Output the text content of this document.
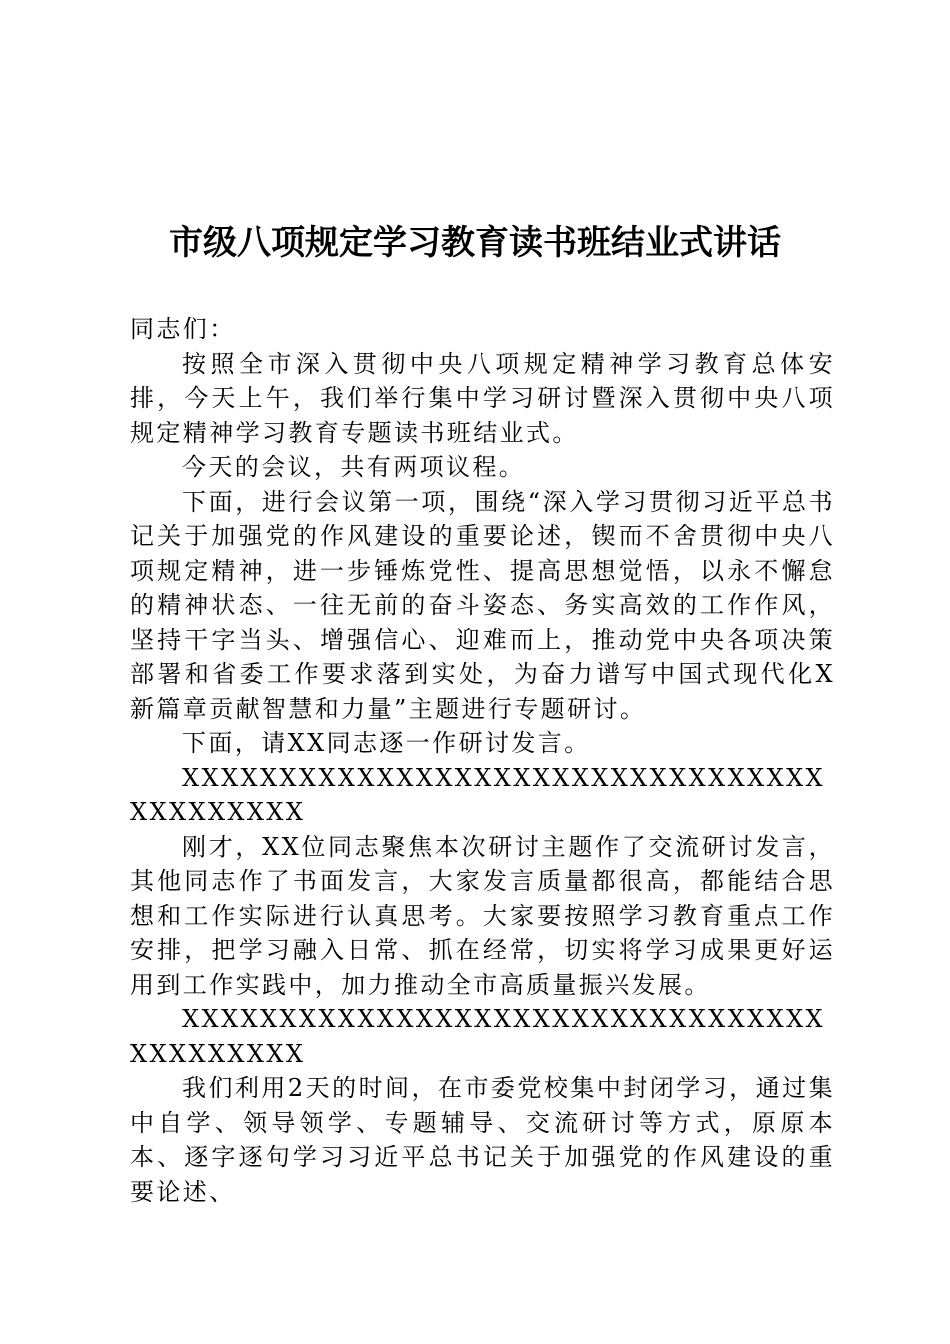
市级八项规定学习教育读书班结业式讲话

同志们：

按照全市深入贯彻中央八项规定精神学习教育总体安排，今天上午，我们举行集中学习研讨暨深入贯彻中央八项规定精神学习教育专题读书班结业式。

今天的会议，共有两项议程。

下面，进行会议第一项，围绕“深入学习贯彻习近平总书记关于加强党的作风建设的重要论述，锲而不舍贯彻中央八项规定精神，进一步锤炼党性、提高思想觉悟，以永不懈怠的精神状态、一往无前的奋斗姿态、务实高效的工作作风，坚持干字当头、增强信心、迎难而上，推动党中央各项决策部署和省委工作要求落到实处，为奋力谱写中国式现代化X新篇章贡献智慧和力量”主题进行专题研讨。

下面，请XX同志逐一作研讨发言。

XXXXXXXXXXXXXXXXXXXXXXXXXXXXXXXXXXXXXXXXXX

刚才，XX位同志聚焦本次研讨主题作了交流研讨发言，其他同志作了书面发言，大家发言质量都很高，都能结合思想和工作实际进行认真思考。大家要按照学习教育重点工作安排，把学习融入日常、抓在经常，切实将学习成果更好运用到工作实践中，加力推动全市高质量振兴发展。

XXXXXXXXXXXXXXXXXXXXXXXXXXXXXXXXXXXXXXXXXX

我们利用2天的时间，在市委党校集中封闭学习，通过集中自学、领导领学、专题辅导、交流研讨等方式，原原本本、逐字逐句学习习近平总书记关于加强党的作风建设的重要论述、
